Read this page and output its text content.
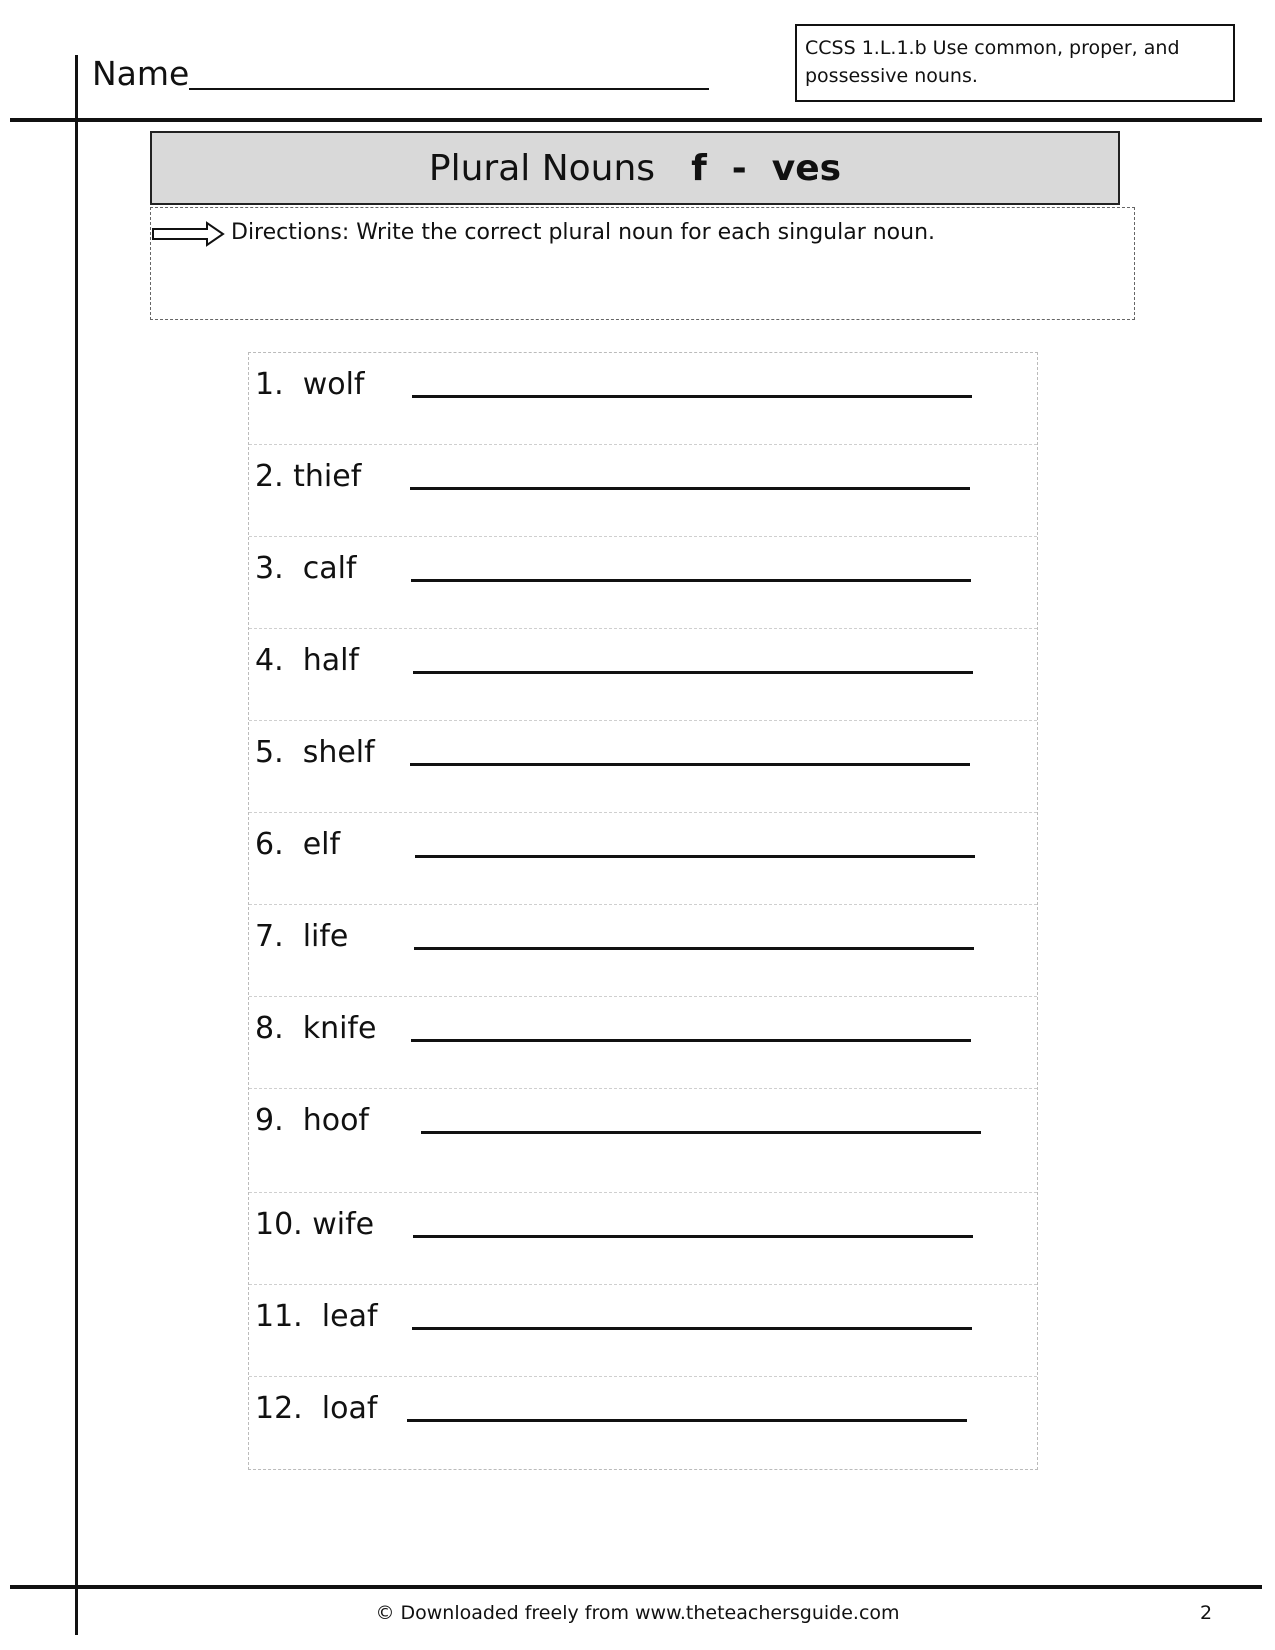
Name
CCSS 1.L.1.b Use common, proper, and
possessive nouns.
Plural Nouns f  -  ves
Directions: Write the correct plural noun for each singular noun.
1.  wolf
2. thief
3.  calf
4.  half
5.  shelf
6.  elf
7.  life
8.  knife
9.  hoof
10. wife
11.  leaf
12.  loaf
© Downloaded freely from www.theteachersguide.com	2
